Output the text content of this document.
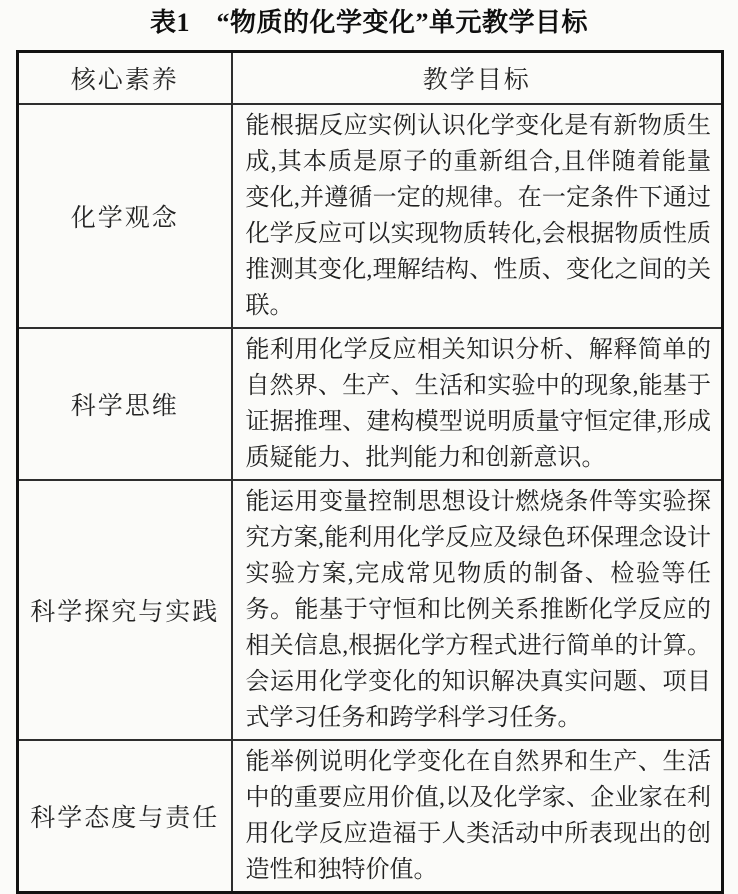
表1　“物质的化学变化”单元教学目标
核心素养	教学目标
化学观念	能根据反应实例认识化学变化是有新物质生成,其本质是原子的重新组合,且伴随着能量变化,并遵循一定的规律。在一定条件下通过化学反应可以实现物质转化,会根据物质性质推测其变化,理解结构、性质、变化之间的关联。
科学思维	能利用化学反应相关知识分析、解释简单的自然界、生产、生活和实验中的现象,能基于证据推理、建构模型说明质量守恒定律,形成质疑能力、批判能力和创新意识。
科学探究与实践	能运用变量控制思想设计燃烧条件等实验探究方案,能利用化学反应及绿色环保理念设计实验方案,完成常见物质的制备、检验等任务。能基于守恒和比例关系推断化学反应的相关信息,根据化学方程式进行简单的计算。会运用化学变化的知识解决真实问题、项目式学习任务和跨学科学习任务。
科学态度与责任	能举例说明化学变化在自然界和生产、生活中的重要应用价值,以及化学家、企业家在利用化学反应造福于人类活动中所表现出的创造性和独特价值。
